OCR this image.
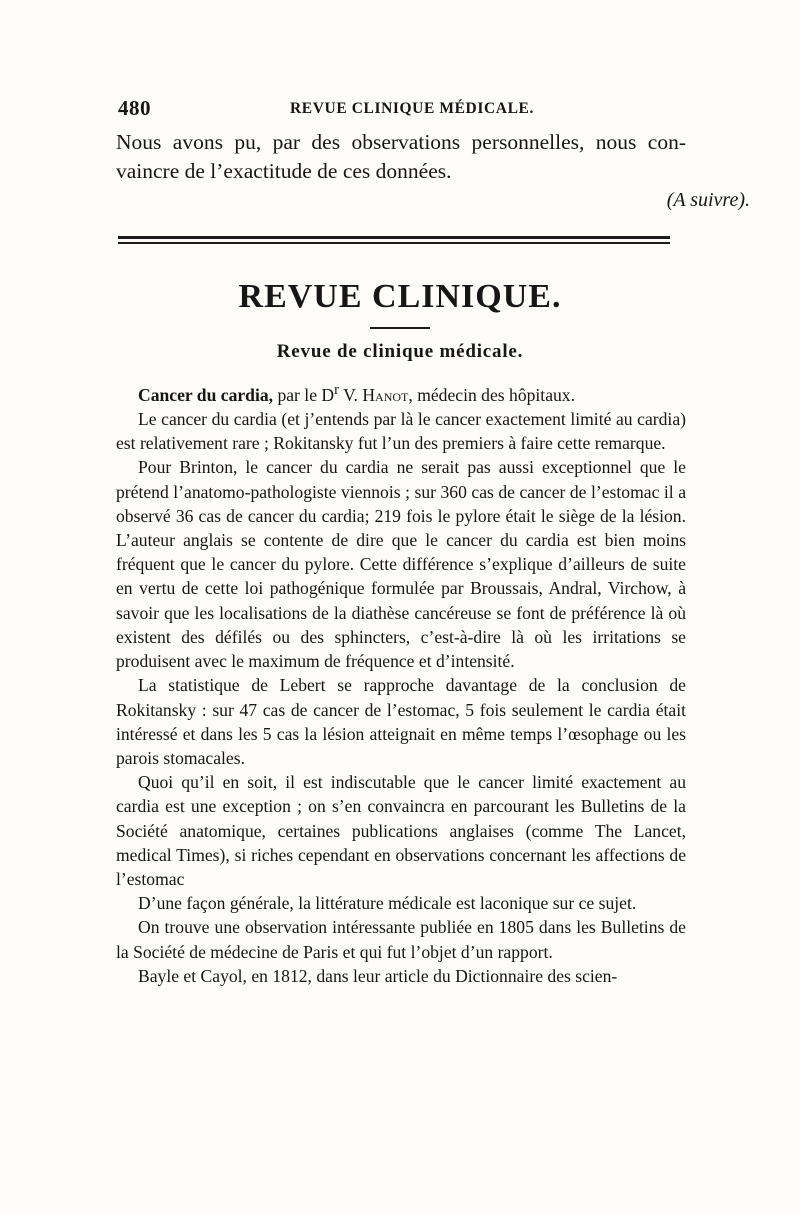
480	REVUE CLINIQUE MÉDICALE.
Nous avons pu, par des observations personnelles, nous con-
vaincre de l’exactitude de ces données.
(A suivre).
REVUE CLINIQUE.
Revue de clinique médicale.

Cancer du cardia, par le $D^r$ V. Hanot, médecin des hôpitaux.

Le cancer du cardia (et j’entends par là le cancer exactement limité au cardia) est relativement rare ; Rokitansky fut l’un des premiers à faire cette remarque.

Pour Brinton, le cancer du cardia ne serait pas aussi exceptionnel que le prétend l’anatomo-pathologiste viennois ; sur 360 cas de cancer de l’estomac il a observé 36 cas de cancer du cardia; 219 fois le pylore était le siège de la lésion. L’auteur anglais se contente de dire que le cancer du cardia est bien moins fréquent que le cancer du pylore. Cette différence s’explique d’ailleurs de suite en vertu de cette loi pathogénique formulée par Broussais, Andral, Virchow, à savoir que les localisations de la diathèse cancéreuse se font de préférence là où existent des défilés ou des sphincters, c’est-à-dire là où les irritations se produisent avec le maximum de fréquence et d’intensité.

La statistique de Lebert se rapproche davantage de la conclusion de Rokitansky : sur 47 cas de cancer de l’estomac, 5 fois seulement le cardia était intéressé et dans les 5 cas la lésion atteignait en même temps l’œsophage ou les parois stomacales.

Quoi qu’il en soit, il est indiscutable que le cancer limité exactement au cardia est une exception ; on s’en convaincra en parcourant les Bulletins de la Société anatomique, certaines publications anglaises (comme The Lancet, medical Times), si riches cependant en observations concernant les affections de l’estomac

D’une façon générale, la littérature médicale est laconique sur ce sujet.

On trouve une observation intéressante publiée en 1805 dans les Bulletins de la Société de médecine de Paris et qui fut l’objet d’un rapport.

Bayle et Cayol, en 1812, dans leur article du Dictionnaire des scien-
